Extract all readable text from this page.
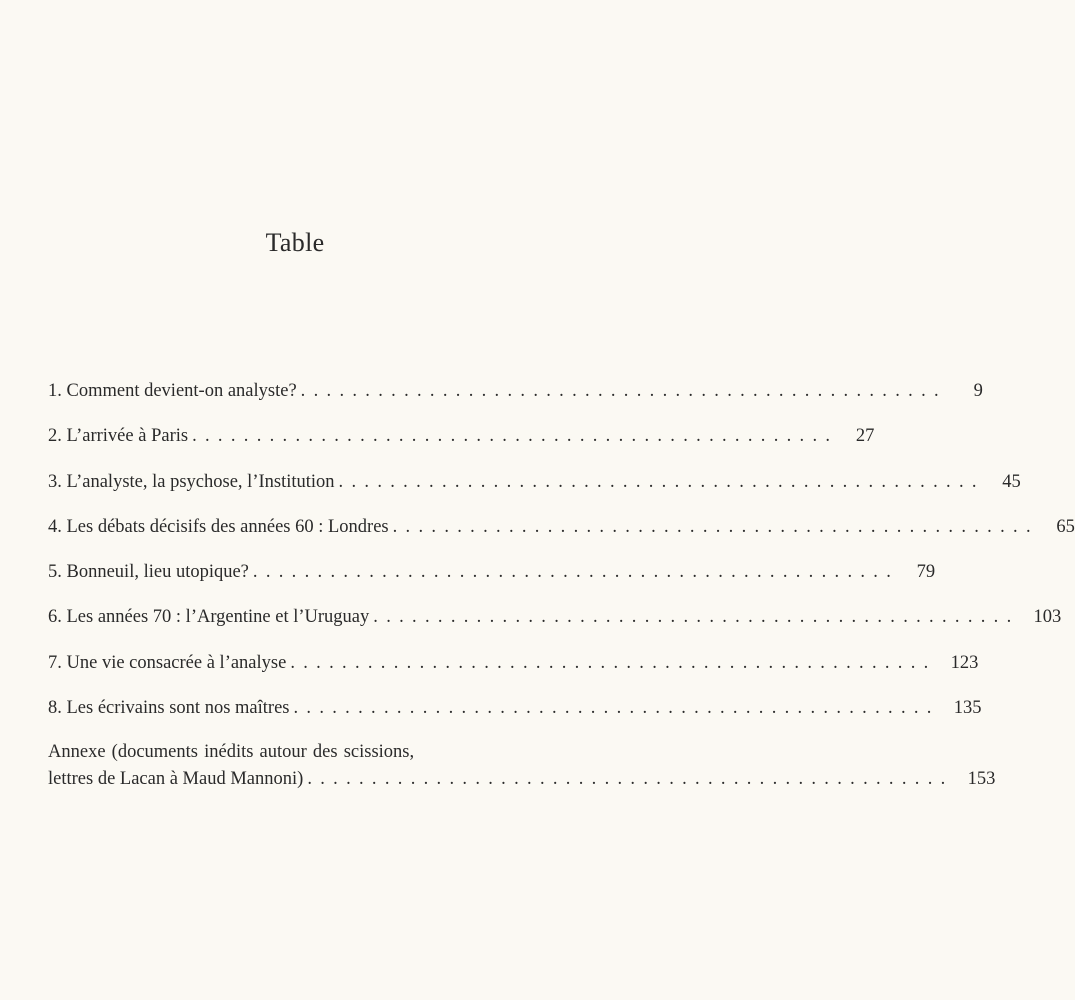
Table
1. Comment devient-on analyste? ..................................................	9
2. L’arrivée à Paris .................................................. 27
3. L’analyste, la psychose, l’Institution .................................................. 45
4. Les débats décisifs des années 60 : Londres .................................................. 65
5. Bonneuil, lieu utopique? .................................................. 79
6. Les années 70 : l’Argentine et l’Uruguay .................................................. 103
7. Une vie consacrée à l’analyse .................................................. 123
8. Les écrivains sont nos maîtres .................................................. 135
Annexe (documents inédits autour des scissions,
lettres de Lacan à Maud Mannoni) .................................................. 153
